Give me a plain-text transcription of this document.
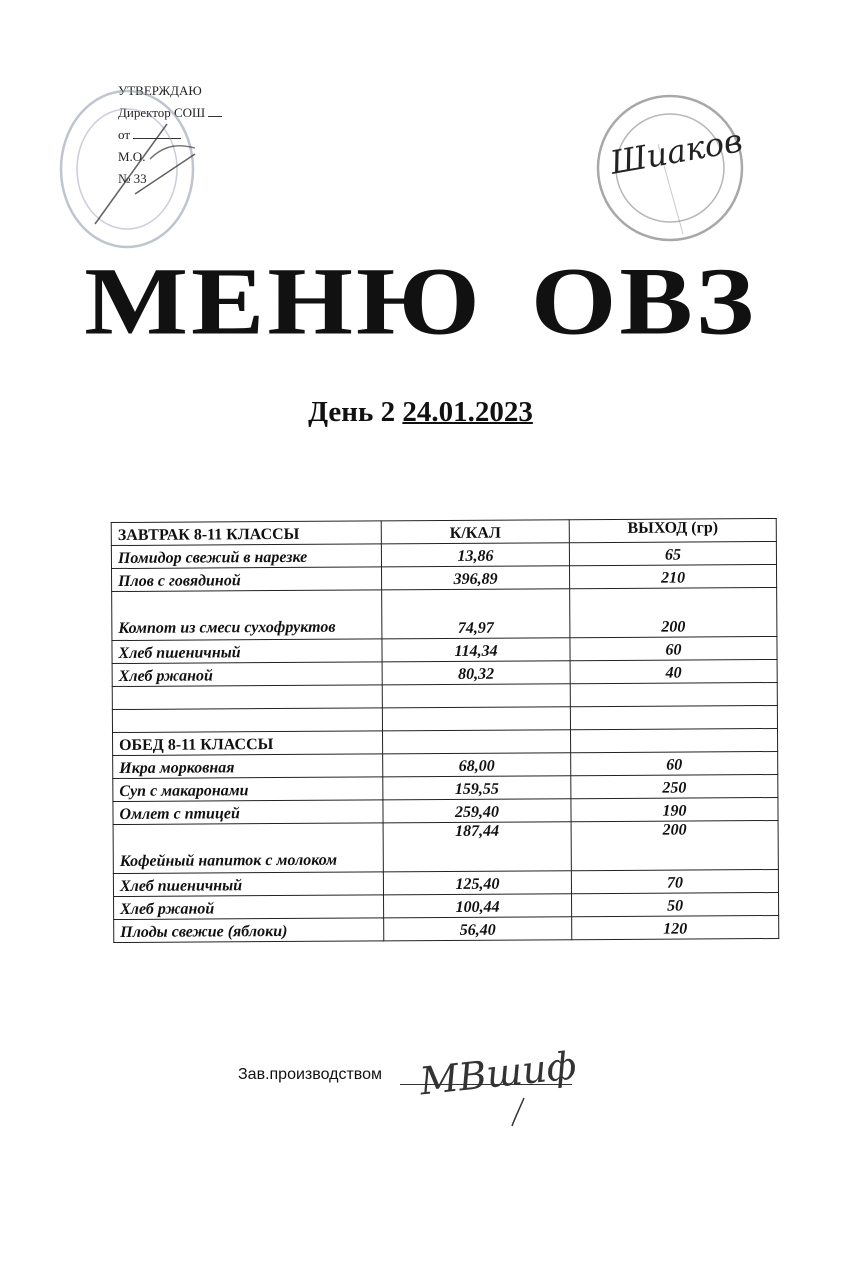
УТВЕРЖДАЮ
Директор СОШ
от
М.О.
№ 33	Шиаков
МЕНЮ ОВЗ
День 2 24.01.2023
ЗАВТРАК 8-11 КЛАССЫ	К/КАЛ	ВЫХОД (гр)
Помидор свежий в нарезке	13,86	65
Плов с говядиной	396,89	210
Компот из смеси сухофруктов	74,97	200
Хлеб пшеничный	114,34	60
Хлеб ржаной	80,32	40

ОБЕД 8-11 КЛАССЫ		
Икра морковная	68,00	60
Суп с макаронами	159,55	250
Омлет с птицей	259,40	190
Кофейный напиток с молоком	187,44	200
Хлеб пшеничный	125,40	70
Хлеб ржаной	100,44	50
Плоды свежие (яблоки)	56,40	120
Зав.производством МВшиф
